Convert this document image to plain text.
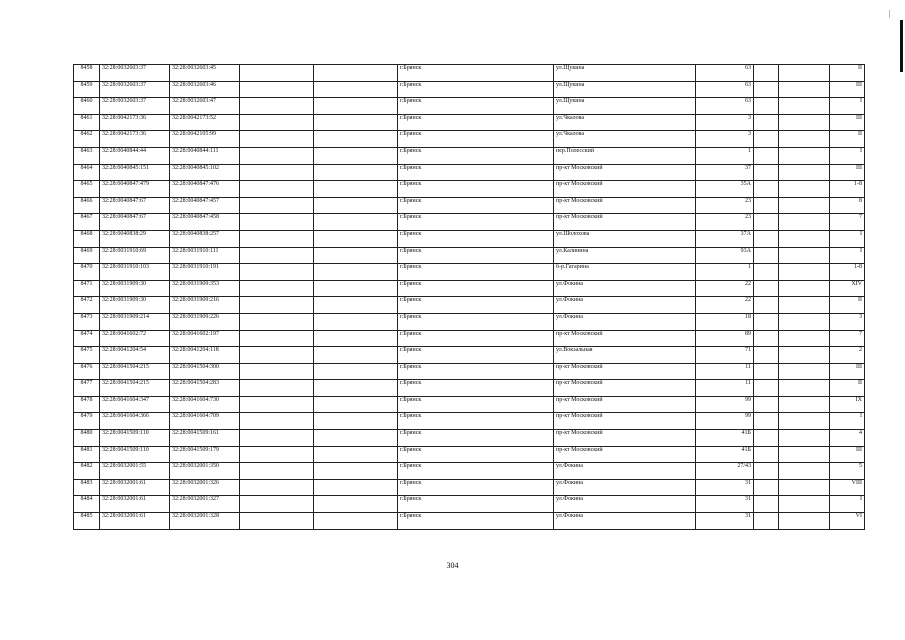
8458	32:28:0032603:37	32:28:0032603:45			г.Брянск	ул.Щукина	63			II
8459	32:28:0032603:37	32:28:0032603:46			г.Брянск	ул.Щукина	63			III
8460	32:28:0032603:37	32:28:0032603:47			г.Брянск	ул.Щукина	63			I
8461	32:28:0042173:36	32:28:0042173:52			г.Брянск	ул.Чкалова	3			III
8462	32:28:0042173:36	32:28:0042105:99			г.Брянск	ул.Чкалова	3			II
8463	32:28:0040844:44	32:28:0040844:111			г.Брянск	пер.Полесский	1			I
8464	32:28:0040845:151	32:28:0040845:102			г.Брянск	пр-кт Московский	37			III
8465	32:28:0040847:479	32:28:0040847:476			г.Брянск	пр-кт Московский	35А			1-8
8466	32:28:0040847:67	32:28:0040847:457			г.Брянск	пр-кт Московский	23			8
8467	32:28:0040847:67	32:28:0040847:458			г.Брянск	пр-кт Московский	23			7
8468	32:28:0040838:29	32:28:0040838:257			г.Брянск	ул.Шолохова	37А			I
8469	32:28:0031910:69	32:28:0031910:111			г.Брянск	ул.Калинина	93А			I
8470	32:28:0031910:103	32:28:0031910:191			г.Брянск	б-р.Гагарина	1			1-8
8471	32:28:0031909:30	32:28:0031909:353			г.Брянск	ул.Фокина	22			XIV
8472	32:28:0031909:30	32:28:0031909:216			г.Брянск	ул.Фокина	22			II
8473	32:28:0031909:214	32:28:0031909:226			г.Брянск	ул.Фокина	18			3
8474	32:28:0041602:72	32:28:0041602:197			г.Брянск	пр-кт Московский	89			7
8475	32:28:0041204:54	32:28:0041204:118			г.Брянск	ул.Вокзальная	71			2
8476	32:28:0041504:215	32:28:0041504:300			г.Брянск	пр-кт Московский	11			III
8477	32:28:0041504:215	32:28:0041504:283			г.Брянск	пр-кт Московский	11			II
8478	32:28:0041604:347	32:28:0041604:730			г.Брянск	пр-кт Московский	99			IX
8479	32:28:0041604:366	32:28:0041604:709			г.Брянск	пр-кт Московский	99			I
8480	32:28:0041509:110	32:28:0041509:161			г.Брянск	пр-кт Московский	41Б			4
8481	32:28:0041509:110	32:28:0041509:179			г.Брянск	пр-кт Московский	41Б			III
8482	32:28:0032001:55	32:28:0032001:350			г.Брянск	ул.Фокина	27/43			5
8483	32:28:0032001:61	32:28:0032001:326			г.Брянск	ул.Фокина	31			VIII
8484	32:28:0032001:61	32:28:0032001:327			г.Брянск	ул.Фокина	31			I
8485	32:28:0032001:61	32:28:0032001:328			г.Брянск	ул.Фокина	31			VI
304
